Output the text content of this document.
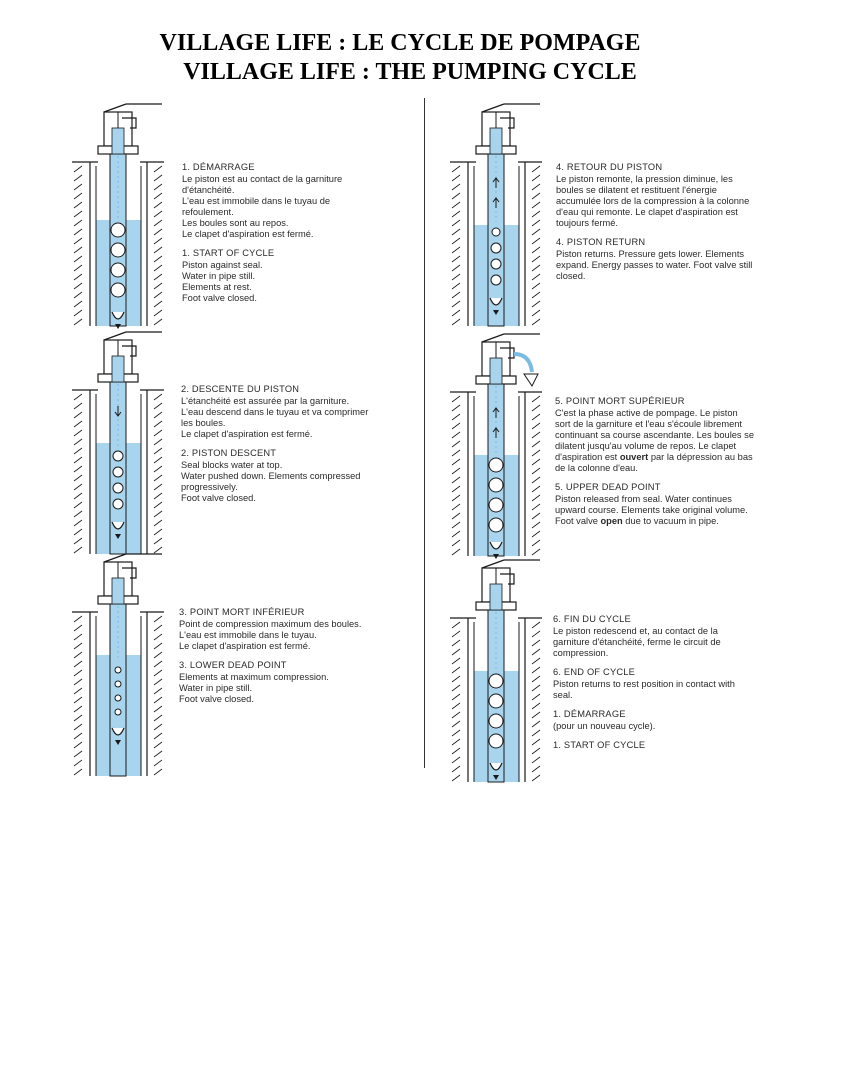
VILLAGE LIFE : LE CYCLE DE POMPAGE
VILLAGE LIFE : THE PUMPING CYCLE
1. DÉMARRAGE
Le piston est au contact de la garniture d'étanchéité.
L'eau est immobile dans le tuyau de refoulement.
Les boules sont au repos.
Le clapet d'aspiration est fermé.
1. START OF CYCLE
Piston against seal.
Water in pipe still.
Elements at rest.
Foot valve closed.
2. DESCENTE DU PISTON
L'étanchéité est assurée par la garniture.
L'eau descend dans le tuyau et va comprimer les boules.
Le clapet d'aspiration est fermé.
2. PISTON DESCENT
Seal blocks water at top.
Water pushed down. Elements compressed progressively.
Foot valve closed.
3. POINT MORT INFÉRIEUR
Point de compression maximum des boules.
L'eau est immobile dans le tuyau.
Le clapet d'aspiration est fermé.
3. LOWER DEAD POINT
Elements at maximum compression.
Water in pipe still.
Foot valve closed.
4. RETOUR DU PISTON
Le piston remonte, la pression diminue, les boules se dilatent et restituent l'énergie accumulée lors de la compression à la colonne d'eau qui remonte. Le clapet d'aspiration est toujours fermé.
4. PISTON RETURN
Piston returns. Pressure gets lower. Elements expand. Energy passes to water. Foot valve still closed.
5. POINT MORT SUPÉRIEUR
C'est la phase active de pompage. Le piston sort de la garniture et l'eau s'écoule librement continuant sa course ascendante. Les boules se dilatent jusqu'au volume de repos. Le clapet d'aspiration est ouvert par la dépression au bas de la colonne d'eau.
5. UPPER DEAD POINT
Piston released from seal. Water continues upward course. Elements take original volume. Foot valve open due to vacuum in pipe.
6. FIN DU CYCLE
Le piston redescend et, au contact de la garniture d'étanchéité, ferme le circuit de compression.
6. END OF CYCLE
Piston returns to rest position in contact with seal.
1. DÉMARRAGE
(pour un nouveau cycle).
1. START OF CYCLE
